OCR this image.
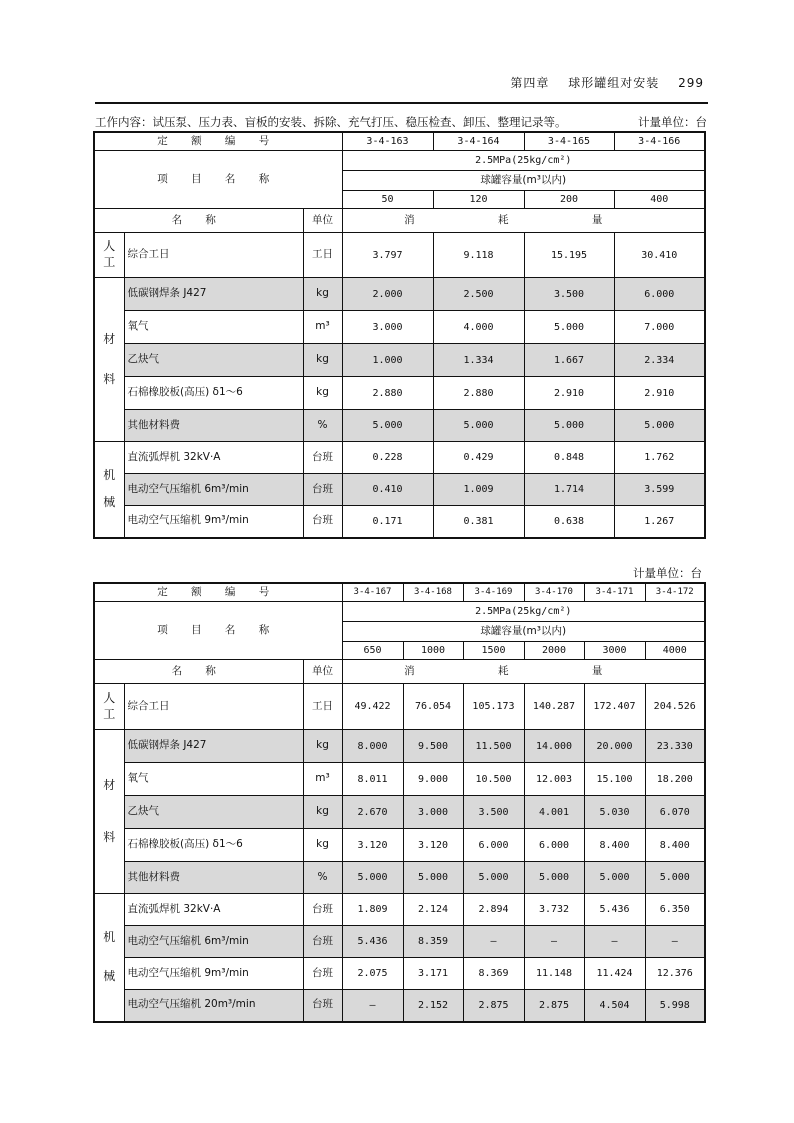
第四章 球形罐组对安装 299
工作内容：试压泵、压力表、盲板的安装、拆除、充气打压、稳压检查、卸压、整理记录等。	计量单位：台
定 额 编 号			3-4-163	3-4-164	3-4-165	3-4-166
项 目 名 称			2.5MPa(25kg/cm²)			
			球罐容量(m³以内)			
			50	120	200	400
名 称		单位	消 耗 量			
人工	综合工日	工日	3.797	9.118	15.195	30.410
材

料	低碳钢焊条 J427	kg	2.000	2.500	3.500	6.000
	氧气	m³	3.000	4.000	5.000	7.000
	乙炔气	kg	1.000	1.334	1.667	2.334
	石棉橡胶板(高压) δ1～6	kg	2.880	2.880	2.910	2.910
	其他材料费	%	5.000	5.000	5.000	5.000
机

械	直流弧焊机 32kV·A	台班	0.228	0.429	0.848	1.762
	电动空气压缩机 6m³/min	台班	0.410	1.009	1.714	3.599
	电动空气压缩机 9m³/min	台班	0.171	0.381	0.638	1.267
计量单位：台
定 额 编 号			3-4-167	3-4-168	3-4-169	3-4-170	3-4-171	3-4-172
项 目 名 称			2.5MPa(25kg/cm²)					
			球罐容量(m³以内)					
			650	1000	1500	2000	3000	4000
名 称		单位	消 耗 量					
人工	综合工日	工日	49.422	76.054	105.173	140.287	172.407	204.526
材

料	低碳钢焊条 J427	kg	8.000	9.500	11.500	14.000	20.000	23.330
	氧气	m³	8.011	9.000	10.500	12.003	15.100	18.200
	乙炔气	kg	2.670	3.000	3.500	4.001	5.030	6.070
	石棉橡胶板(高压) δ1～6	kg	3.120	3.120	6.000	6.000	8.400	8.400
	其他材料费	%	5.000	5.000	5.000	5.000	5.000	5.000
机

械	直流弧焊机 32kV·A	台班	1.809	2.124	2.894	3.732	5.436	6.350
	电动空气压缩机 6m³/min	台班	5.436	8.359	—	—	—	—
	电动空气压缩机 9m³/min	台班	2.075	3.171	8.369	11.148	11.424	12.376
	电动空气压缩机 20m³/min	台班	—	2.152	2.875	2.875	4.504	5.998
